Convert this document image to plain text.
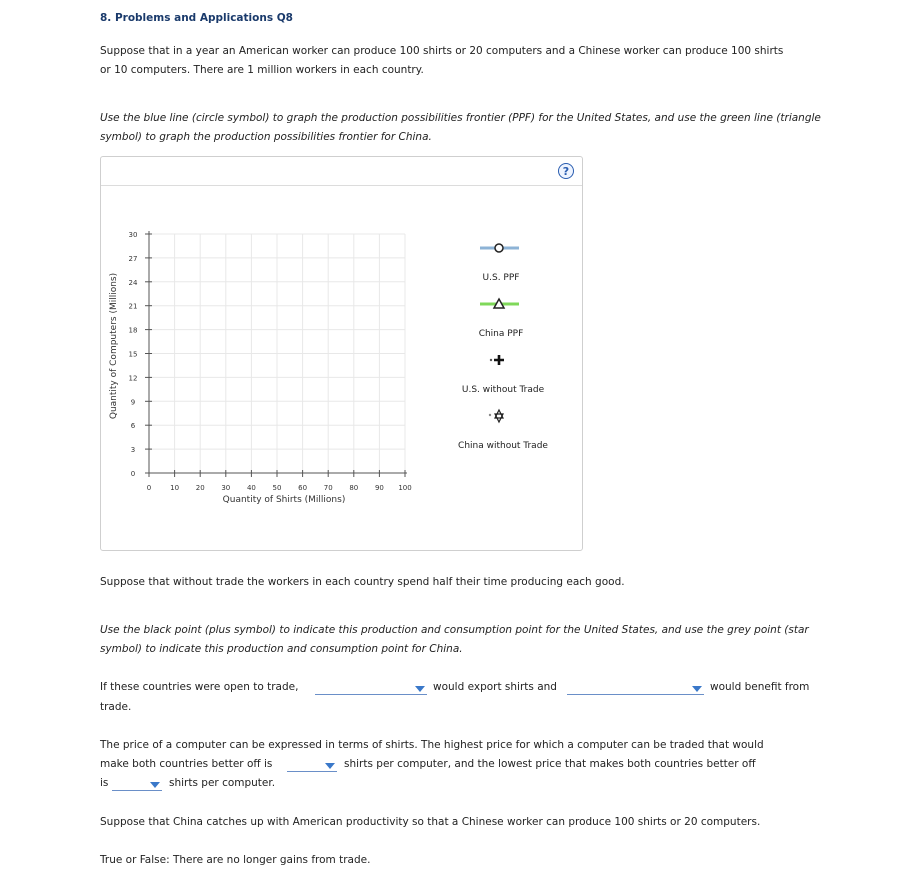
8. Problems and Applications Q8
Suppose that in a year an American worker can produce 100 shirts or 20 computers and a Chinese worker can produce 100 shirts
or 10 computers. There are 1 million workers in each country.
Use the blue line (circle symbol) to graph the production possibilities frontier (PPF) for the United States, and use the green line (triangle
symbol) to graph the production possibilities frontier for China.
?
Quantity of Computers (Millions)
Quantity of Shirts (Millions)
0	10 20 30 40 50 60 70 80 90 100
0
3
6
9
12
15
18
21
24
27
30
U.S. PPF
China PPF
U.S. without Trade
China without Trade
Suppose that without trade the workers in each country spend half their time producing each good.
Use the black point (plus symbol) to indicate this production and consumption point for the United States, and use the grey point (star
symbol) to indicate this production and consumption point for China.
If these countries were open to trade,	would export shirts and	would benefit from
trade.
The price of a computer can be expressed in terms of shirts. The highest price for which a computer can be traded that would
make both countries better off is	shirts per computer, and the lowest price that makes both countries better off
is	shirts per computer.
Suppose that China catches up with American productivity so that a Chinese worker can produce 100 shirts or 20 computers.
True or False: There are no longer gains from trade.
